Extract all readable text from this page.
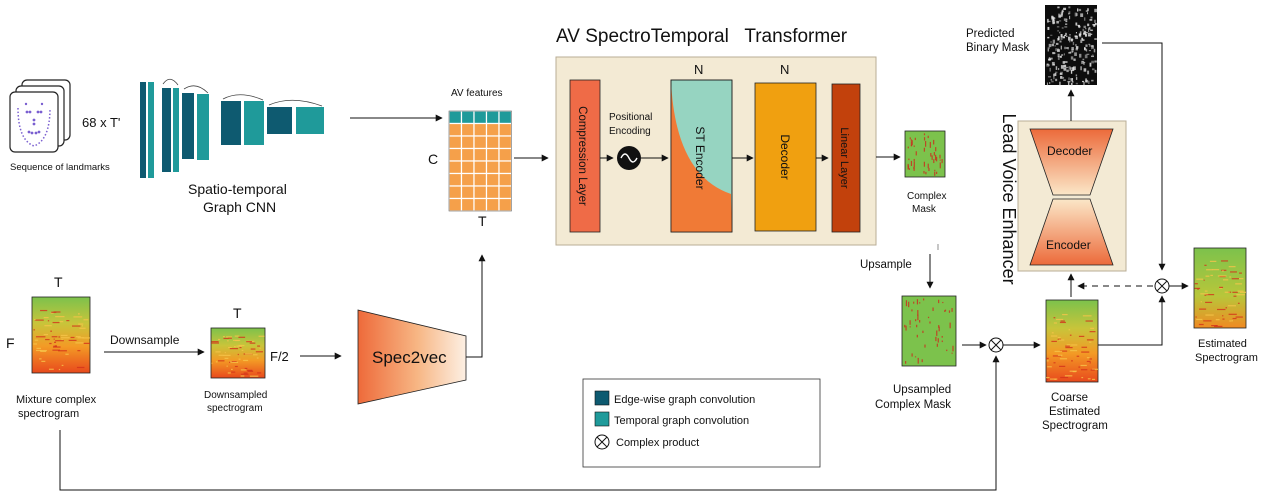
AV SpectroTemporal   Transformer
68 x T'
Sequence of landmarks
Spatio-temporal
Graph CNN
AV features
C
T
Compression Layer Positional
Encoding
N
ST Encoder
N
Decoder	Linear Layer
Complex
Mask
Upsample
Upsampled
Complex Mask
T
F
Mixture complex
spectrogram
Downsample
T
F/2
Downsampled
spectrogram
Spec2vec
Edge-wise graph convolution
Temporal graph convolution
Complex product
Predicted
Binary Mask
Lead Voice Enhancer Decoder
Encoder
Coarse
Estimated
Spectrogram
Estimated
Spectrogram
